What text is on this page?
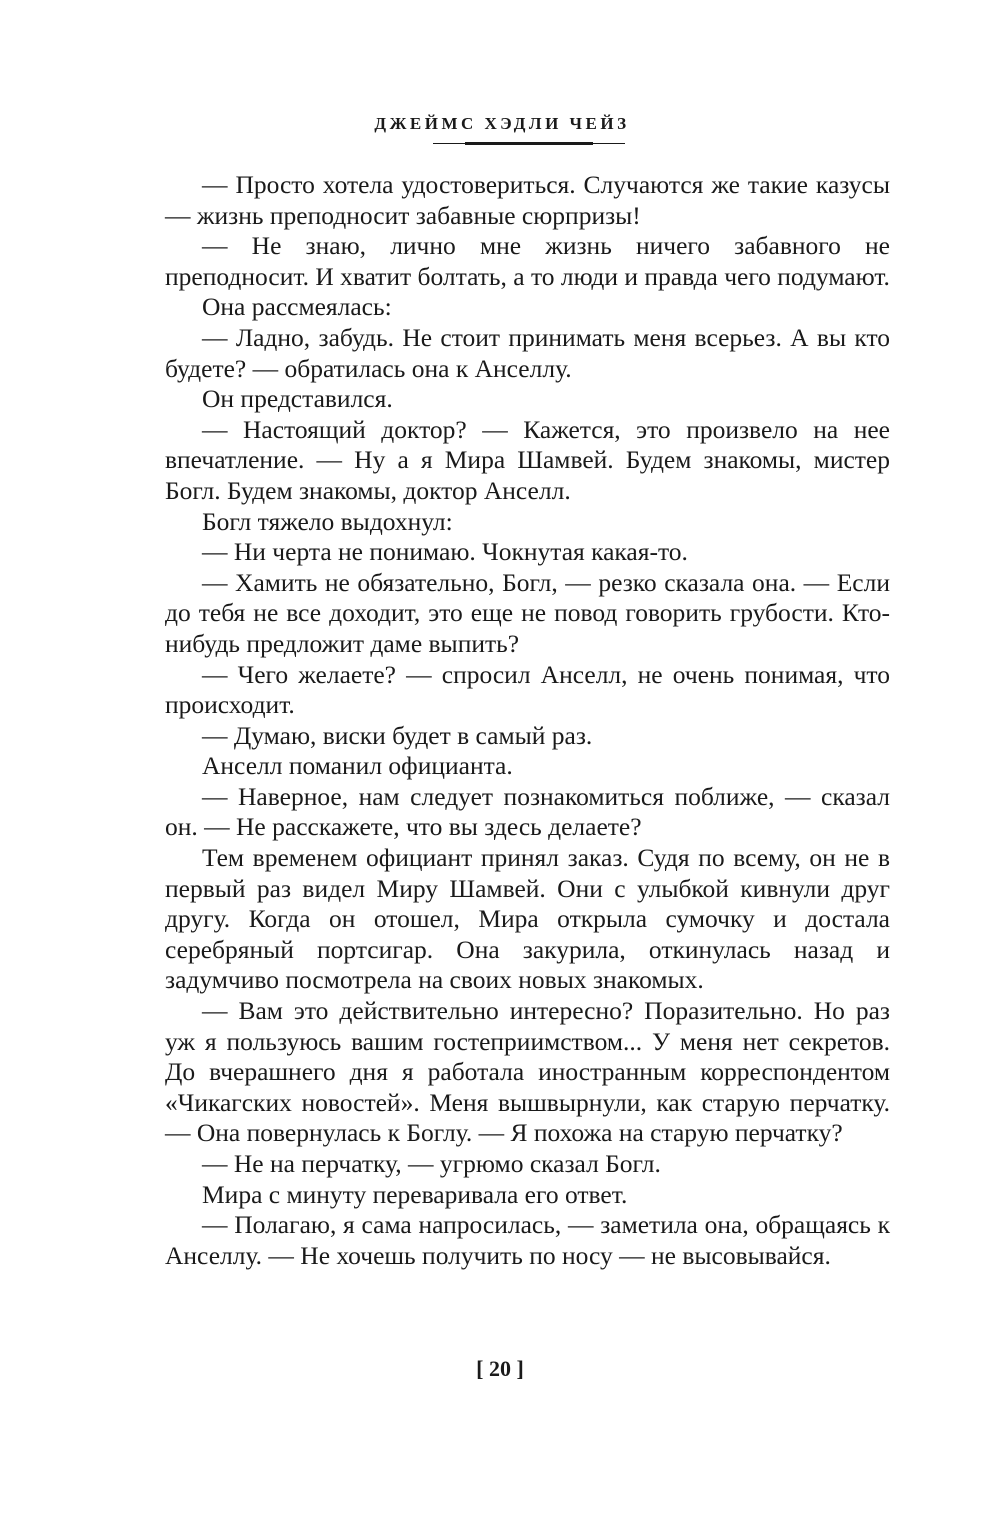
ДЖЕЙМС ХЭДЛИ ЧЕЙЗ

— Просто хотела удостовериться. Случаются же такие казусы — жизнь преподносит забавные сюрпризы!

— Не знаю, лично мне жизнь ничего забавного не преподносит. И хватит болтать, а то люди и правда чего подумают.

Она рассмеялась:

— Ладно, забудь. Не стоит принимать меня всерьез. А вы кто будете? — обратилась она к Анселлу.

Он представился.

— Настоящий доктор? — Кажется, это произвело на нее впечатление. — Ну а я Мира Шамвей. Будем знакомы, мистер Богл. Будем знакомы, доктор Анселл.

Богл тяжело выдохнул:

— Ни черта не понимаю. Чокнутая какая-то.

— Хамить не обязательно, Богл, — резко сказала она. — Если до тебя не все доходит, это еще не повод говорить грубости. Кто-нибудь предложит даме выпить?

— Чего желаете? — спросил Анселл, не очень понимая, что происходит.

— Думаю, виски будет в самый раз.

Анселл поманил официанта.

— Наверное, нам следует познакомиться поближе, — сказал он. — Не расскажете, что вы здесь делаете?

Тем временем официант принял заказ. Судя по всему, он не в первый раз видел Миру Шамвей. Они с улыбкой кивнули друг другу. Когда он отошел, Мира открыла сумочку и достала серебряный портсигар. Она закурила, откинулась назад и задумчиво посмотрела на своих новых знакомых.

— Вам это действительно интересно? Поразительно. Но раз уж я пользуюсь вашим гостеприимством... У меня нет секретов. До вчерашнего дня я работала иностранным корреспондентом «Чикагских новостей». Меня вышвырнули, как старую перчатку. — Она повернулась к Боглу. — Я похожа на старую перчатку?

— Не на перчатку, — угрюмо сказал Богл.

Мира с минуту переваривала его ответ.

— Полагаю, я сама напросилась, — заметила она, обращаясь к Анселлу. — Не хочешь получить по носу — не высовывайся.

[ 20 ]
